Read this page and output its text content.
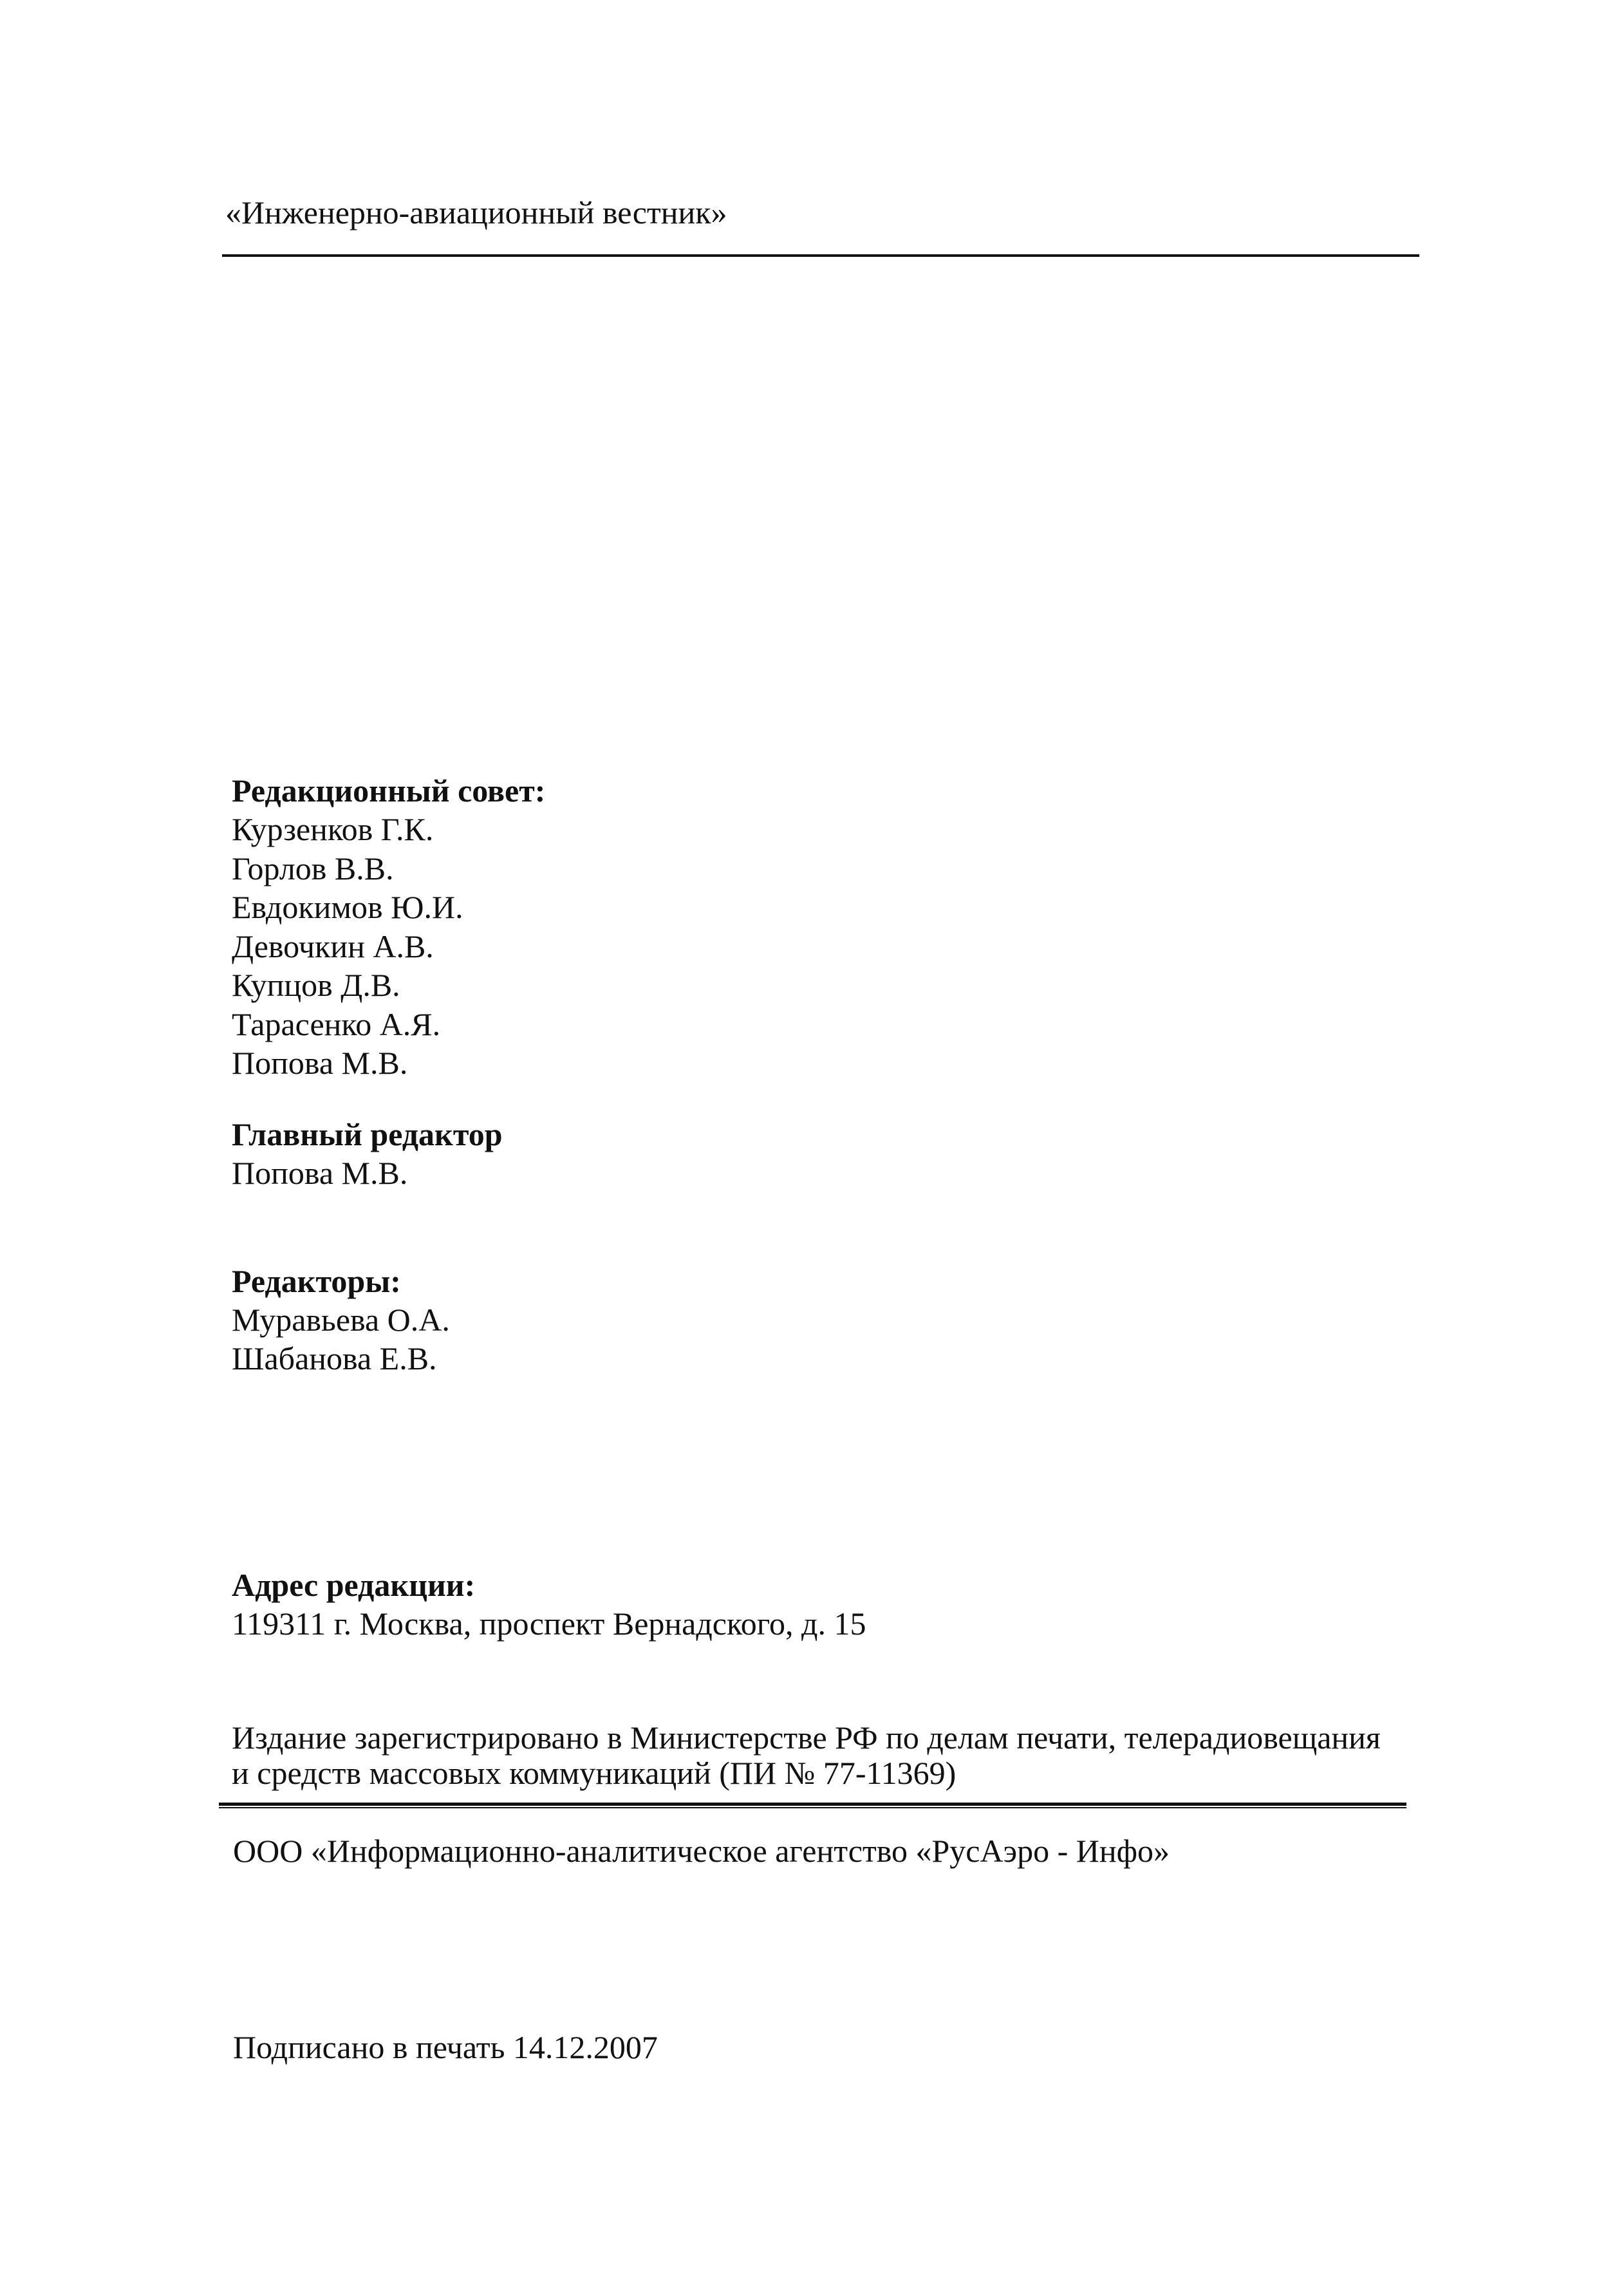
«Инженерно-авиационный вестник»
Редакционный совет:
Курзенков Г.К.
Горлов В.В.
Евдокимов Ю.И.
Девочкин А.В.
Купцов Д.В.
Тарасенко А.Я.
Попова М.В.
Главный редактор
Попова М.В.
Редакторы:
Муравьева О.А.
Шабанова Е.В.
Адрес редакции:
119311 г. Москва, проспект Вернадского, д. 15
Издание зарегистрировано в Министерстве РФ по делам печати, телерадиовещания
и средств массовых коммуникаций (ПИ № 77-11369)
ООО «Информационно-аналитическое агентство «РусАэро - Инфо»
Подписано в печать 14.12.2007
